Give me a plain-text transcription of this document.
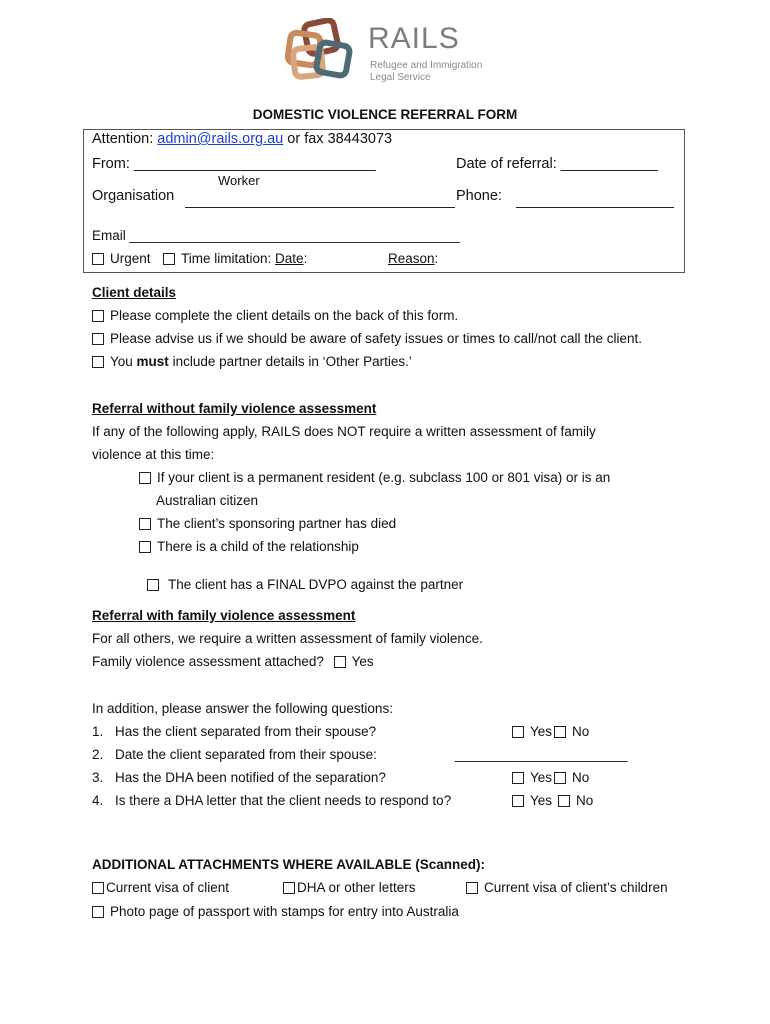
RAILS
Refugee and Immigration
Legal Service
DOMESTIC VIOLENCE REFERRAL FORM
Attention: admin@rails.org.au or fax 38443073
From: ______________________________	Date of referral: ____________
Worker
Organisation	Phone:
Email ____________________________________________
Urgent	Time limitation: Date:	Reason:
Client details
Please complete the client details on the back of this form.
Please advise us if we should be aware of safety issues or times to call/not call the client.
You must include partner details in ‘Other Parties.’
Referral without family violence assessment
If any of the following apply, RAILS does NOT require a written assessment of family
violence at this time:
If your client is a permanent resident (e.g. subclass 100 or 801 visa) or is an
Australian citizen
The client’s sponsoring partner has died
There is a child of the relationship

The client has a FINAL DVPO against the partner

Referral with family violence assessment
For all others, we require a written assessment of family violence.
Family violence assessment attached? Yes
In addition, please answer the following questions:
1. Has the client separated from their spouse?	Yes No
2. Date the client separated from their spouse:	_______________________
3. Has the DHA been notified of the separation?	Yes No
4. Is there a DHA letter that the client needs to respond to?	Yes No
ADDITIONAL ATTACHMENTS WHERE AVAILABLE (Scanned):
Current visa of client	DHA or other letters	Current visa of client’s children
Photo page of passport with stamps for entry into Australia
